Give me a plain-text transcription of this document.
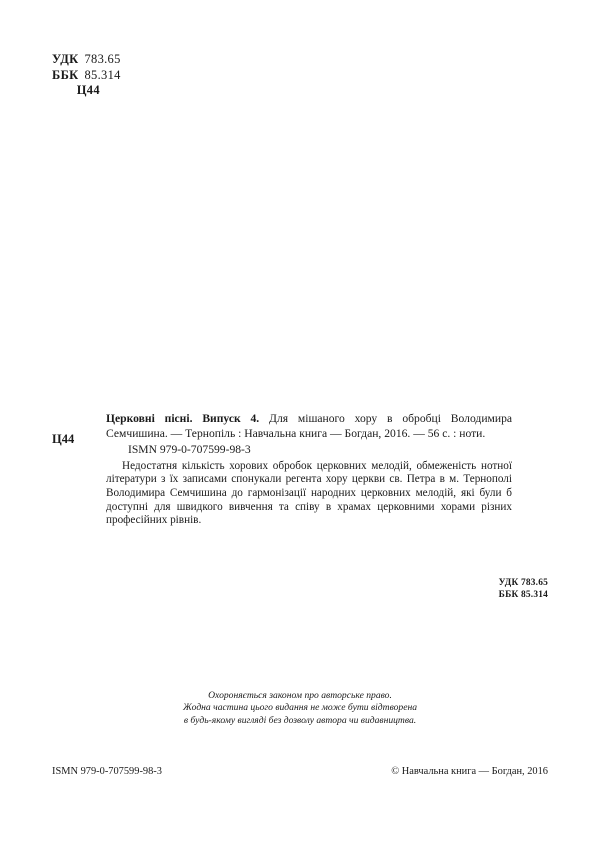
УДК 783.65
ББК 85.314
Ц44
Ц44
Церковні пісні. Випуск 4. Для мішаного хору в обробці Володимира Семчишина. — Тернопіль : Навчальна книга — Богдан, 2016. — 56 с. : ноти.
ISMN 979-0-707599-98-3
Недостатня кількість хорових обробок церковних мелодій, обмеженість нотної літератури з їх записами спонукали регента хору церкви св. Петра в м. Тернополі Володимира Семчишина до гармонізації народних церковних мелодій, які були б доступні для швидкого вивчення та співу в храмах церковними хорами різних професійних рівнів.
УДК 783.65
ББК 85.314
Охороняється законом про авторське право.
Жодна частина цього видання не може бути відтворена
в будь-якому вигляді без дозволу автора чи видавництва.
ISMN 979-0-707599-98-3	© Навчальна книга — Богдан, 2016
